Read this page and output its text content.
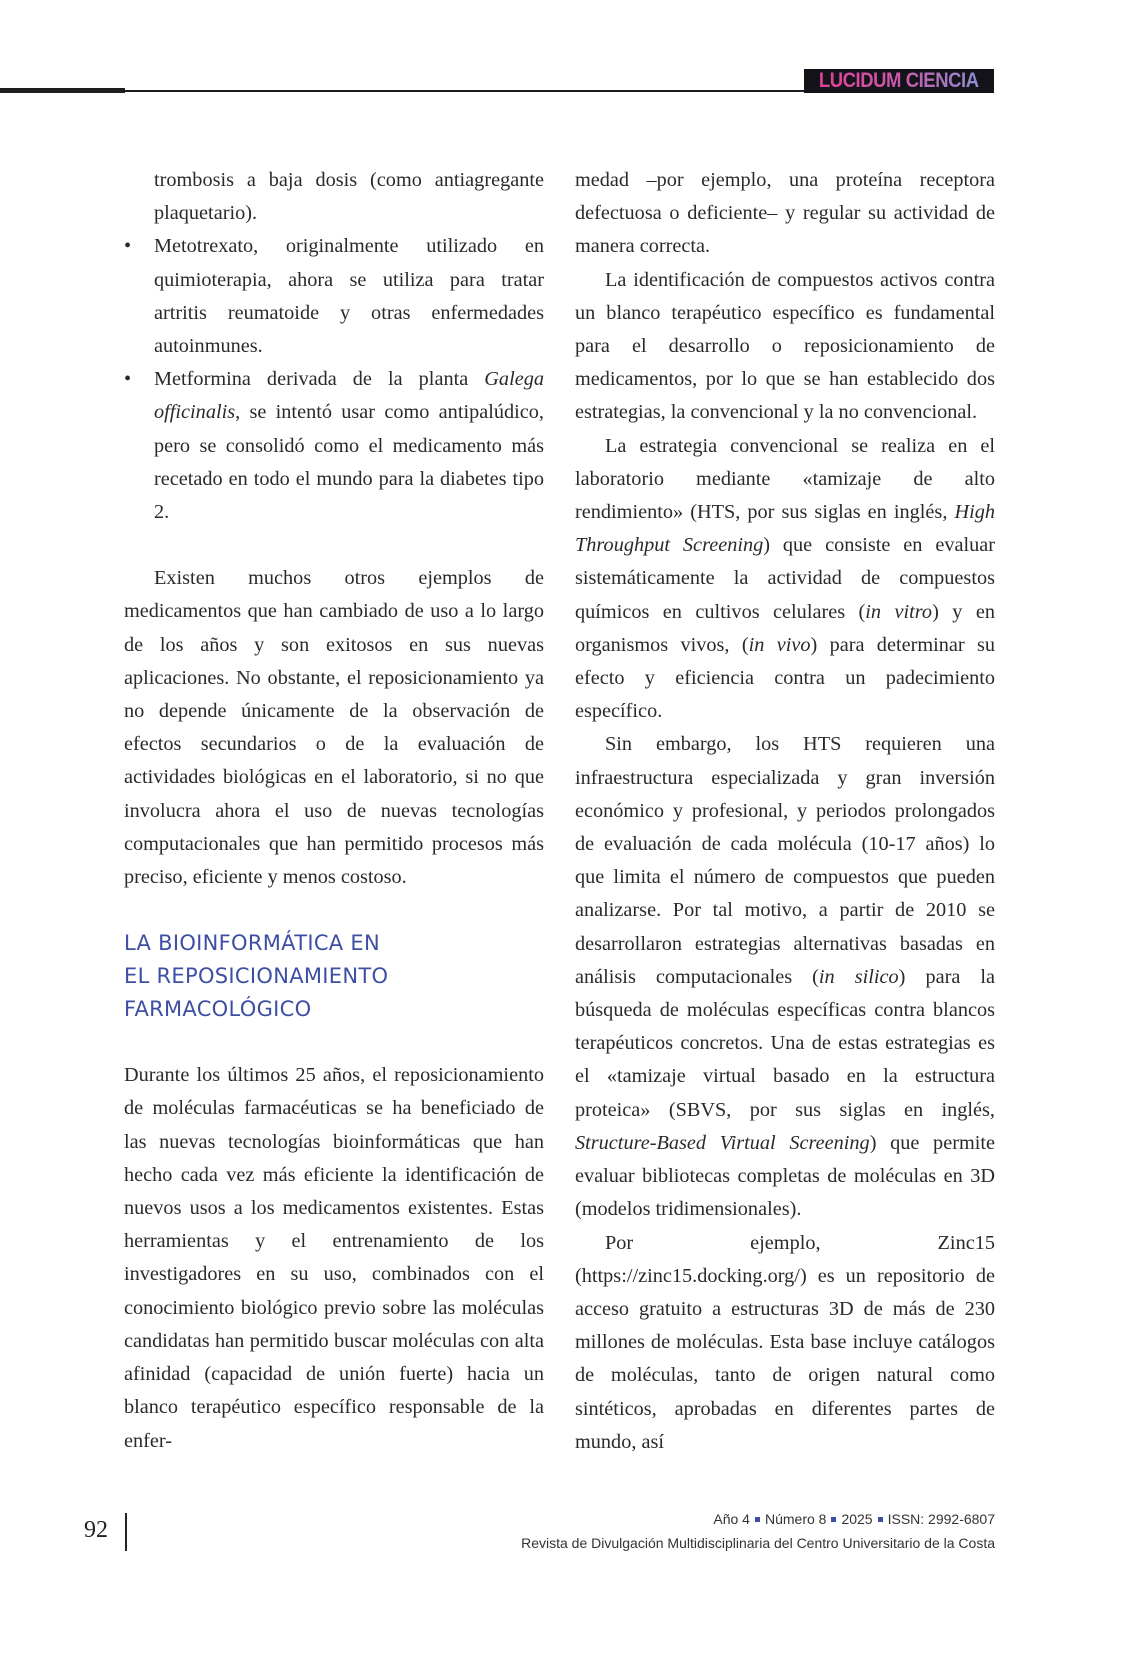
LUCIDUM CIENCIA

trombosis a baja dosis (como antiagregante plaquetario).

• Metotrexato, originalmente utilizado en quimioterapia, ahora se utiliza para tratar artritis reumatoide y otras enfermedades autoinmunes.
• Metformina derivada de la planta Galega officinalis, se intentó usar como antipalúdico, pero se consolidó como el medicamento más recetado en todo el mundo para la diabetes tipo 2.

Existen muchos otros ejemplos de medicamentos que han cambiado de uso a lo largo de los años y son exitosos en sus nuevas aplicaciones. No obstante, el reposicionamiento ya no depende únicamente de la observación de efectos secundarios o de la evaluación de actividades biológicas en el laboratorio, si no que involucra ahora el uso de nuevas tecnologías computacionales que han permitido procesos más preciso, eficiente y menos costoso.

LA BIOINFORMÁTICA EN
EL REPOSICIONAMIENTO
FARMACOLÓGICO

Durante los últimos 25 años, el reposicionamiento de moléculas farmacéuticas se ha beneficiado de las nuevas tecnologías bioinformáticas que han hecho cada vez más eficiente la identificación de nuevos usos a los medicamentos existentes. Estas herramientas y el entrenamiento de los investigadores en su uso, combinados con el conocimiento biológico previo sobre las moléculas candidatas han permitido buscar moléculas con alta afinidad (capacidad de unión fuerte) hacia un blanco terapéutico específico responsable de la enfer-

medad –por ejemplo, una proteína receptora defectuosa o deficiente– y regular su actividad de manera correcta.

La identificación de compuestos activos contra un blanco terapéutico específico es fundamental para el desarrollo o reposicionamiento de medicamentos, por lo que se han establecido dos estrategias, la convencional y la no convencional.

La estrategia convencional se realiza en el laboratorio mediante «tamizaje de alto rendimiento» (HTS, por sus siglas en inglés, High Throughput Screening) que consiste en evaluar sistemáticamente la actividad de compuestos químicos en cultivos celulares (in vitro) y en organismos vivos, (in vivo) para determinar su efecto y eficiencia contra un padecimiento específico.

Sin embargo, los HTS requieren una infraestructura especializada y gran inversión económico y profesional, y periodos prolongados de evaluación de cada molécula (10-17 años) lo que limita el número de compuestos que pueden analizarse. Por tal motivo, a partir de 2010 se desarrollaron estrategias alternativas basadas en análisis computacionales (in silico) para la búsqueda de moléculas específicas contra blancos terapéuticos concretos. Una de estas estrategias es el «tamizaje virtual basado en la estructura proteica» (SBVS, por sus siglas en inglés, Structure-Based Virtual Screening) que permite evaluar bibliotecas completas de moléculas en 3D (modelos tridimensionales).

Por ejemplo, Zinc15 (https://zinc15.docking.org/) es un repositorio de acceso gratuito a estructuras 3D de más de 230 millones de moléculas. Esta base incluye catálogos de moléculas, tanto de origen natural como sintéticos, aprobadas en diferentes partes de mundo, así

92	Año 4 Número 8 2025 ISSN: 2992-6807
Revista de Divulgación Multidisciplinaria del Centro Universitario de la Costa
